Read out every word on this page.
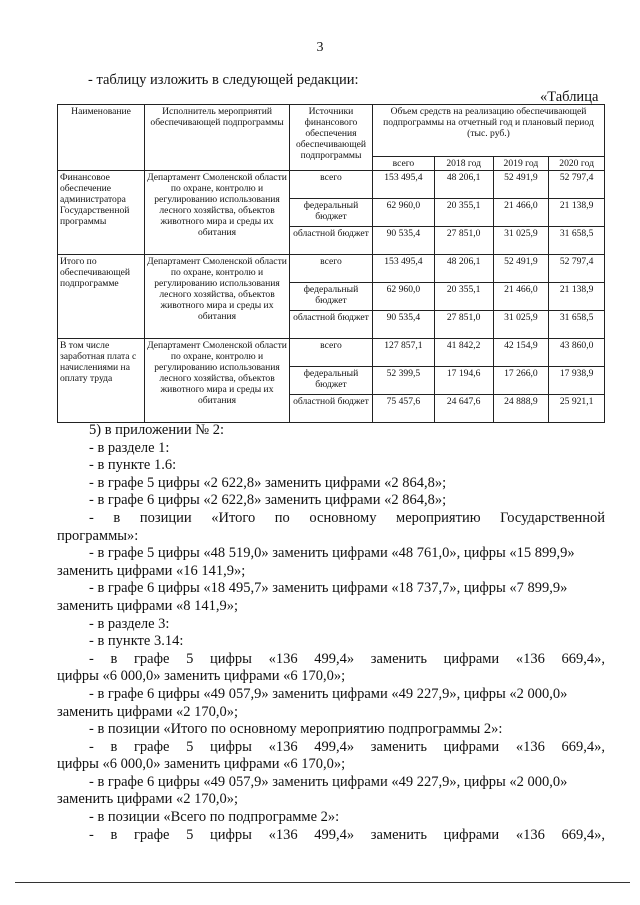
3
- таблицу изложить в следующей редакции:
«Таблица
Наименование	Исполнитель мероприятий обеспечивающей подпрограммы	Источники финансового обеспечения обеспечивающей подпрограммы	Объем средств на реализацию обеспечивающей подпрограммы на отчетный год и плановый период (тыс. руб.)			
			всего	2018 год	2019 год	2020 год
Финансовое обеспечение администратора Государственной программы	Департамент Смоленской области по охране, контролю и регулированию использования лесного хозяйства, объектов животного мира и среды их обитания	всего	153 495,4	48 206,1	52 491,9	52 797,4
		федеральный бюджет	62 960,0	20 355,1	21 466,0	21 138,9
		областной бюджет	90 535,4	27 851,0	31 025,9	31 658,5
Итого по обеспечивающей подпрограмме	Департамент Смоленской области по охране, контролю и регулированию использования лесного хозяйства, объектов животного мира и среды их обитания	всего	153 495,4	48 206,1	52 491,9	52 797,4
		федеральный бюджет	62 960,0	20 355,1	21 466,0	21 138,9
		областной бюджет	90 535,4	27 851,0	31 025,9	31 658,5
В том числе заработная плата с начислениями на оплату труда	Департамент Смоленской области по охране, контролю и регулированию использования лесного хозяйства, объектов животного мира и среды их обитания	всего	127 857,1	41 842,2	42 154,9	43 860,0
		федеральный бюджет	52 399,5	17 194,6	17 266,0	17 938,9
		областной бюджет	75 457,6	24 647,6	24 888,9	25 921,1

5) в приложении № 2:

- в разделе 1:

- в пункте 1.6:

- в графе 5 цифры «2 622,8» заменить цифрами «2 864,8»;

- в графе 6 цифры «2 622,8» заменить цифрами «2 864,8»;

- в позиции «Итого по основному мероприятию Государственной

программы»:

- в графе 5 цифры «48 519,0» заменить цифрами «48 761,0», цифры «15 899,9»

заменить цифрами «16 141,9»;

- в графе 6 цифры «18 495,7» заменить цифрами «18 737,7», цифры «7 899,9»

заменить цифрами «8 141,9»;

- в разделе 3:

- в пункте 3.14:

- в графе 5 цифры «136 499,4» заменить цифрами «136 669,4»,

цифры «6 000,0» заменить цифрами «6 170,0»;

- в графе 6 цифры «49 057,9» заменить цифрами «49 227,9», цифры «2 000,0»

заменить цифрами «2 170,0»;

- в позиции «Итого по основному мероприятию подпрограммы 2»:

- в графе 5 цифры «136 499,4» заменить цифрами «136 669,4»,

цифры «6 000,0» заменить цифрами «6 170,0»;

- в графе 6 цифры «49 057,9» заменить цифрами «49 227,9», цифры «2 000,0»

заменить цифрами «2 170,0»;

- в позиции «Всего по подпрограмме 2»:

- в графе 5 цифры «136 499,4» заменить цифрами «136 669,4»,
